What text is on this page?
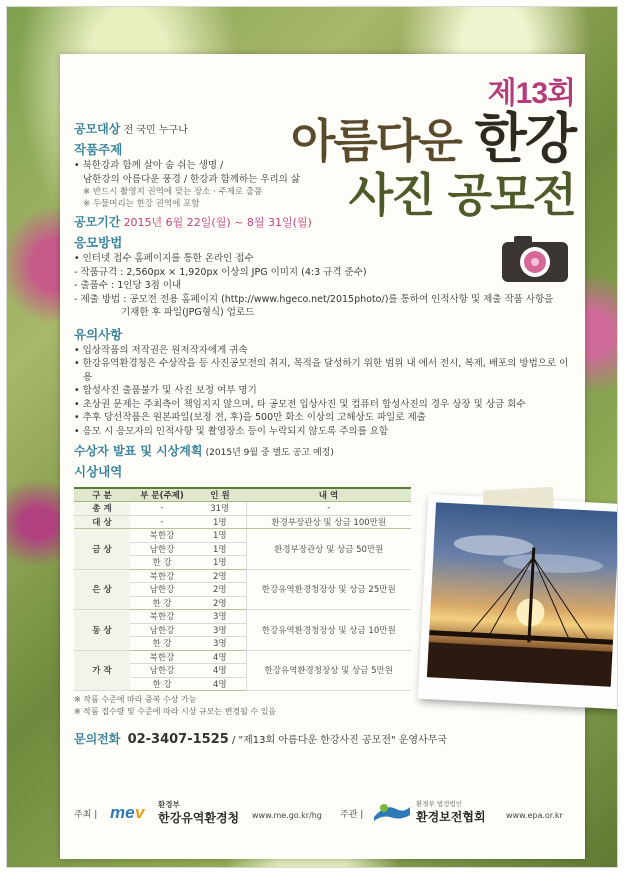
제13회
아름다운 한강
사진 공모전
공모대상 전 국민 누구나
작품주제
• 북한강과 함께 살아 숨 쉬는 생명 /
남한강의 아름다운 풍경 / 한강과 함께하는 우리의 삶
※ 반드시 촬영지 권역에 맞는 장소 · 주제로 출품
※ 두물머리는 한강 권역에 포함
공모기간 2015년 6월 22일(월) ~ 8월 31일(월)
응모방법
• 인터넷 접수 홈페이지를 통한 온라인 접수
- 작품규격 : 2,560px × 1,920px 이상의 JPG 이미지 (4:3 규격 준수)
- 출품수 : 1인당 3점 이내
- 제출 방법 : 공모전 전용 홈페이지 (http://www.hgeco.net/2015photo/)를 통하여 인적사항 및 제출 작품 사항을
기재한 후 파일(JPG형식) 업로드
유의사항
• 입상작품의 저작권은 원저작자에게 귀속
• 한강유역환경청은 수상작을 등 사진공모전의 취지, 목적을 달성하기 위한 범위 내 에서 전시, 복제, 배포의 방법으로 이용
• 합성사진 출품불가 및 사진 보정 여부 명기
• 초상권 문제는 주최측이 책임지지 않으며, 타 공모전 입상사진 및 컴퓨터 합성사진의 경우 상장 및 상금 회수
• 추후 당선작품은 원본파일(보정 전, 후)을 500만 화소 이상의 고해상도 파일로 제출
• 응모 시 응모자의 인적사항 및 촬영장소 등이 누락되지 않도록 주의를 요함
수상자 발표 및 시상계획 (2015년 9월 중 별도 공고 예정)
시상내역
구 분	부 문(주제)	인 원	내 역
총 계	-	31명	-
대 상	-	1명	환경부장관상 및 상금 100만원
금 상	북한강	1명	환경부장관상 및 상금 50만원
	남한강	1명	
	한 강	1명	
은 상	북한강	2명	한강유역환경청장상 및 상금 25만원
	남한강	2명	
	한 강	2명	
동 상	북한강	3명	한강유역환경청장상 및 상금 10만원
	남한강	3명	
	한 강	3명	
가 작	북한강	4명	한강유역환경청장상 및 상금 5만원
	남한강	4명	
	한 강	4명	
※ 작품 수준에 따라 중복 수상 가능
※ 작품 접수량 및 수준에 따라 시상 규모는 변경될 수 있음
문의전화 02-3407-1525 / "제13회 아름다운 한강사진 공모전" 운영사무국
주최 | me v 환경부
한강유역환경청 www.me.go.kr/hg 주관 |
환경부 법정법인
환경보전협회	www.epa.or.kr
